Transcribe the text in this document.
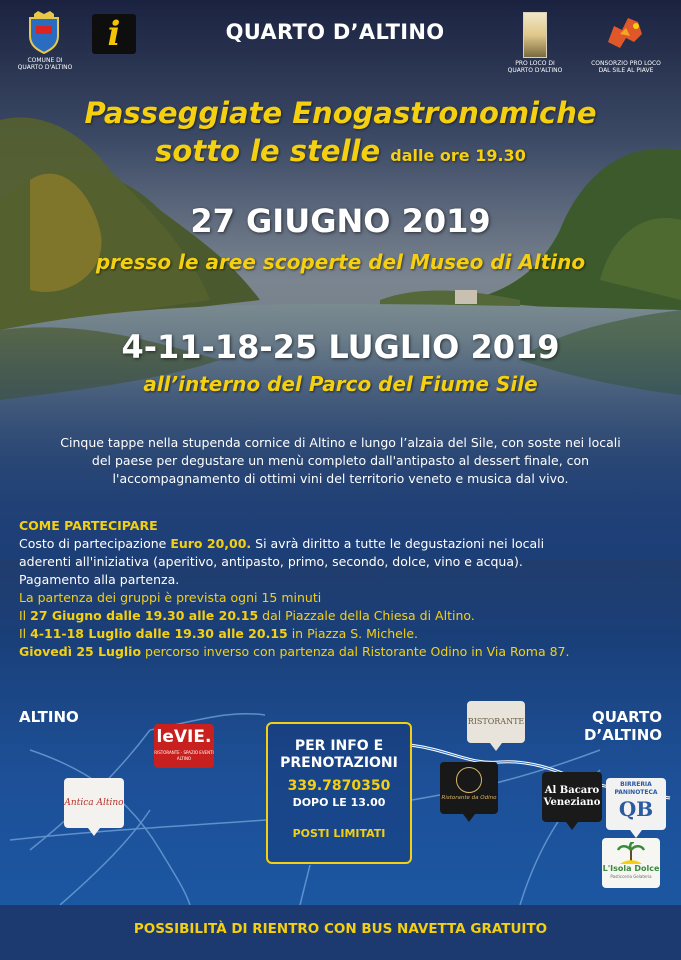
COMUNE DI
QUARTO D'ALTINO
i	QUARTO D’ALTINO
PRO LOCO DI
QUARTO D'ALTINO
CONSORZIO PRO LOCO
DAL SILE AL PIAVE
Passeggiate Enogastronomiche
sotto le stelle dalle ore 19.30
27 GIUGNO 2019
presso le aree scoperte del Museo di Altino
4-11-18-25 LUGLIO 2019
all’interno del Parco del Fiume Sile
Cinque tappe nella stupenda cornice di Altino e lungo l’alzaia del Sile, con soste nei locali
del paese per degustare un menù completo dall'antipasto al dessert finale, con
l'accompagnamento di ottimi vini del territorio veneto e musica dal vivo.
COME PARTECIPARE
Costo di partecipazione Euro 20,00. Si avrà diritto a tutte le degustazioni nei locali
aderenti all'iniziativa (aperitivo, antipasto, primo, secondo, dolce, vino e acqua).
Pagamento alla partenza.
La partenza dei gruppi è prevista ogni 15 minuti
Il 27 Giugno dalle 19.30 alle 20.15 dal Piazzale della Chiesa di Altino.
Il 4-11-18 Luglio dalle 19.30 alle 20.15 in Piazza S. Michele.
Giovedì 25 Luglio percorso inverso con partenza dal Ristorante Odino in Via Roma 87.
ALTINO	QUARTO
D’ALTINO
leVIE.
RISTORANTE · SPAZIO EVENTI ALTINO
Antica Altino
RISTORANTE
Ristorante da Odino
Al Bacaro
Veneziano
BIRRERIA
PANINOTECA
QB
L'Isola Dolce
Pasticceria Gelateria
PER INFO E
PRENOTAZIONI
339.7870350
DOPO LE 13.00
POSTI LIMITATI
POSSIBILITÀ DI RIENTRO CON BUS NAVETTA GRATUITO
